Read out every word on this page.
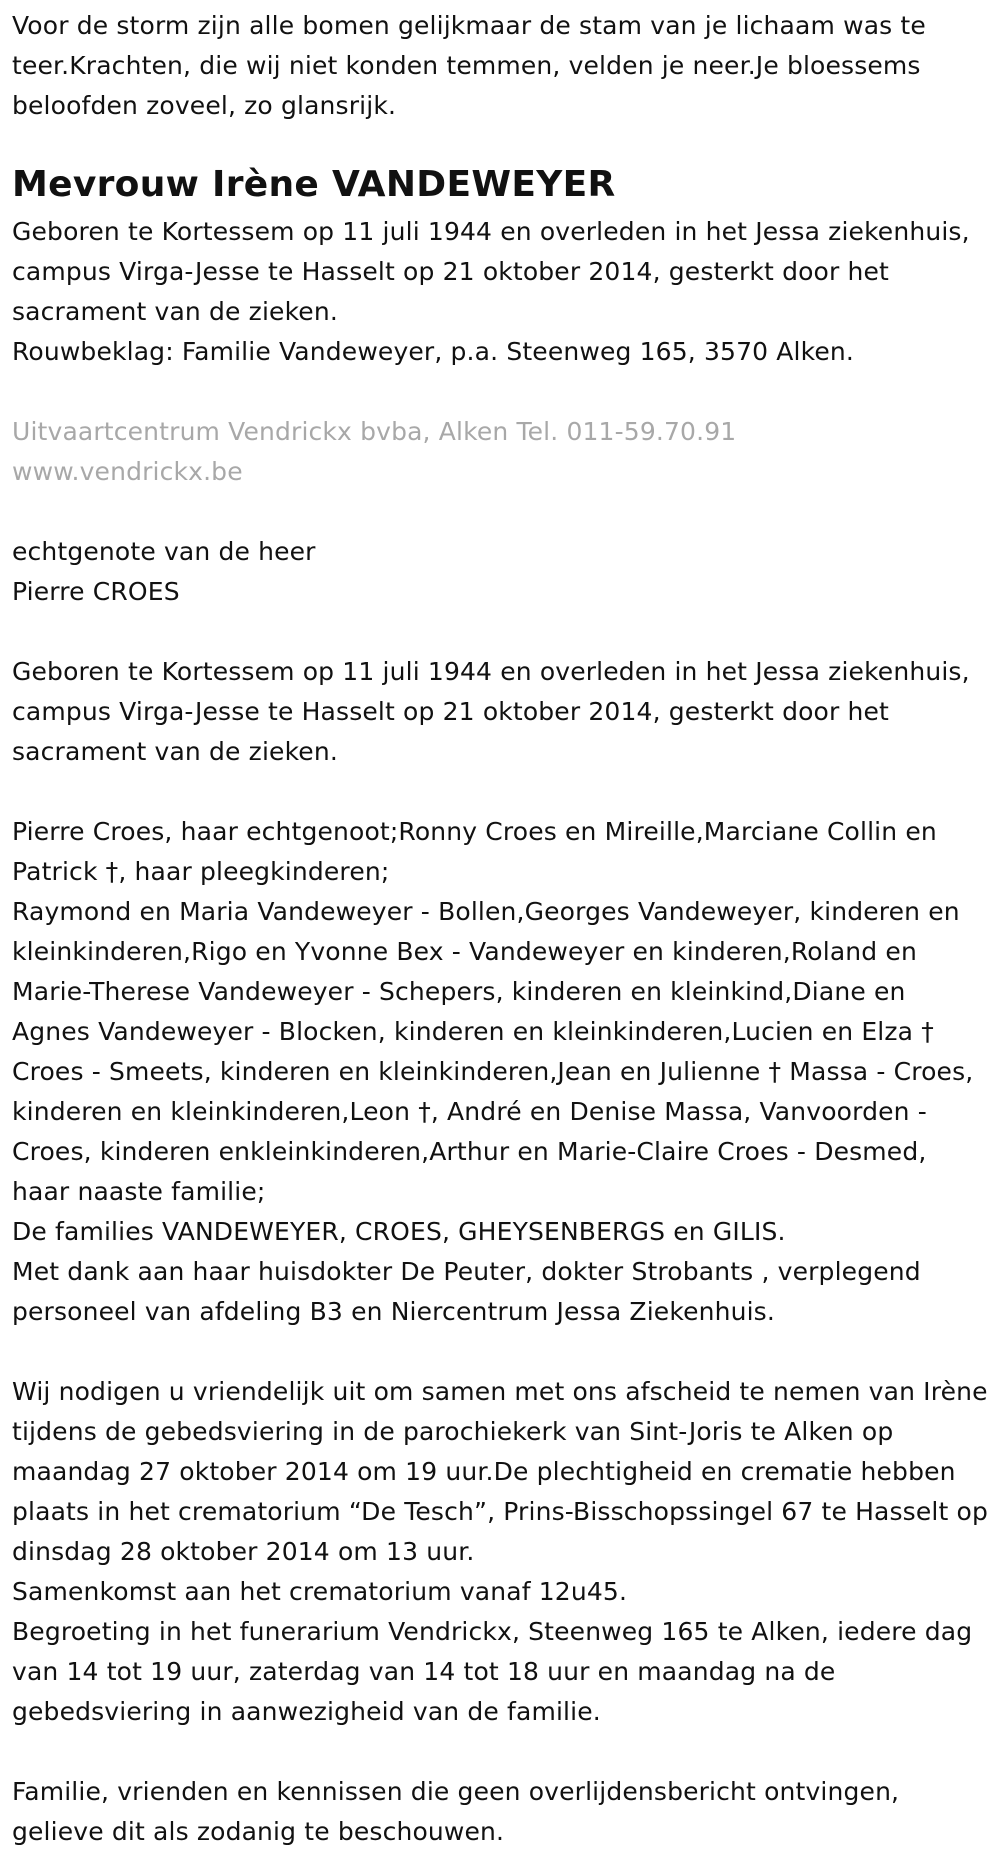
Voor de storm zijn alle bomen gelijkmaar de stam van je lichaam was te teer.Krachten, die wij niet konden temmen, velden je neer.Je bloessems beloofden zoveel, zo glansrijk.

Mevrouw Irène VANDEWEYER

Geboren te Kortessem op 11 juli 1944 en overleden in het Jessa ziekenhuis, campus Virga-Jesse te Hasselt op 21 oktober 2014, gesterkt door het sacrament van de zieken.

Rouwbeklag: Familie Vandeweyer, p.a. Steenweg 165, 3570 Alken.

Uitvaartcentrum Vendrickx bvba, Alken Tel. 011-59.70.91

www.vendrickx.be

echtgenote van de heer

Pierre CROES

Geboren te Kortessem op 11 juli 1944 en overleden in het Jessa ziekenhuis, campus Virga-Jesse te Hasselt op 21 oktober 2014, gesterkt door het sacrament van de zieken.

Pierre Croes, haar echtgenoot;Ronny Croes en Mireille,Marciane Collin en Patrick †, haar pleegkinderen;

Raymond en Maria Vandeweyer - Bollen,Georges Vandeweyer, kinderen en kleinkinderen,Rigo en Yvonne Bex - Vandeweyer en kinderen,Roland en Marie-Therese Vandeweyer - Schepers, kinderen en kleinkind,Diane en Agnes Vandeweyer - Blocken, kinderen en kleinkinderen,Lucien en Elza † Croes - Smeets, kinderen en kleinkinderen,Jean en Julienne † Massa - Croes, kinderen en kleinkinderen,Leon †, André en Denise Massa, Vanvoorden - Croes, kinderen enkleinkinderen,Arthur en Marie-Claire Croes - Desmed, haar naaste familie;

De families VANDEWEYER, CROES, GHEYSENBERGS en GILIS.

Met dank aan haar huisdokter De Peuter, dokter Strobants , verplegend personeel van afdeling B3 en Niercentrum Jessa Ziekenhuis.

Wij nodigen u vriendelijk uit om samen met ons afscheid te nemen van Irène tijdens de gebedsviering in de parochiekerk van Sint-Joris te Alken op maandag 27 oktober 2014 om 19 uur.De plechtigheid en crematie hebben plaats in het crematorium “De Tesch”, Prins-Bisschopssingel 67 te Hasselt op dinsdag 28 oktober 2014 om 13 uur.

Samenkomst aan het crematorium vanaf 12u45.

Begroeting in het funerarium Vendrickx, Steenweg 165 te Alken, iedere dag van 14 tot 19 uur, zaterdag van 14 tot 18 uur en maandag na de gebedsviering in aanwezigheid van de familie.

Familie, vrienden en kennissen die geen overlijdensbericht ontvingen, gelieve dit als zodanig te beschouwen.
